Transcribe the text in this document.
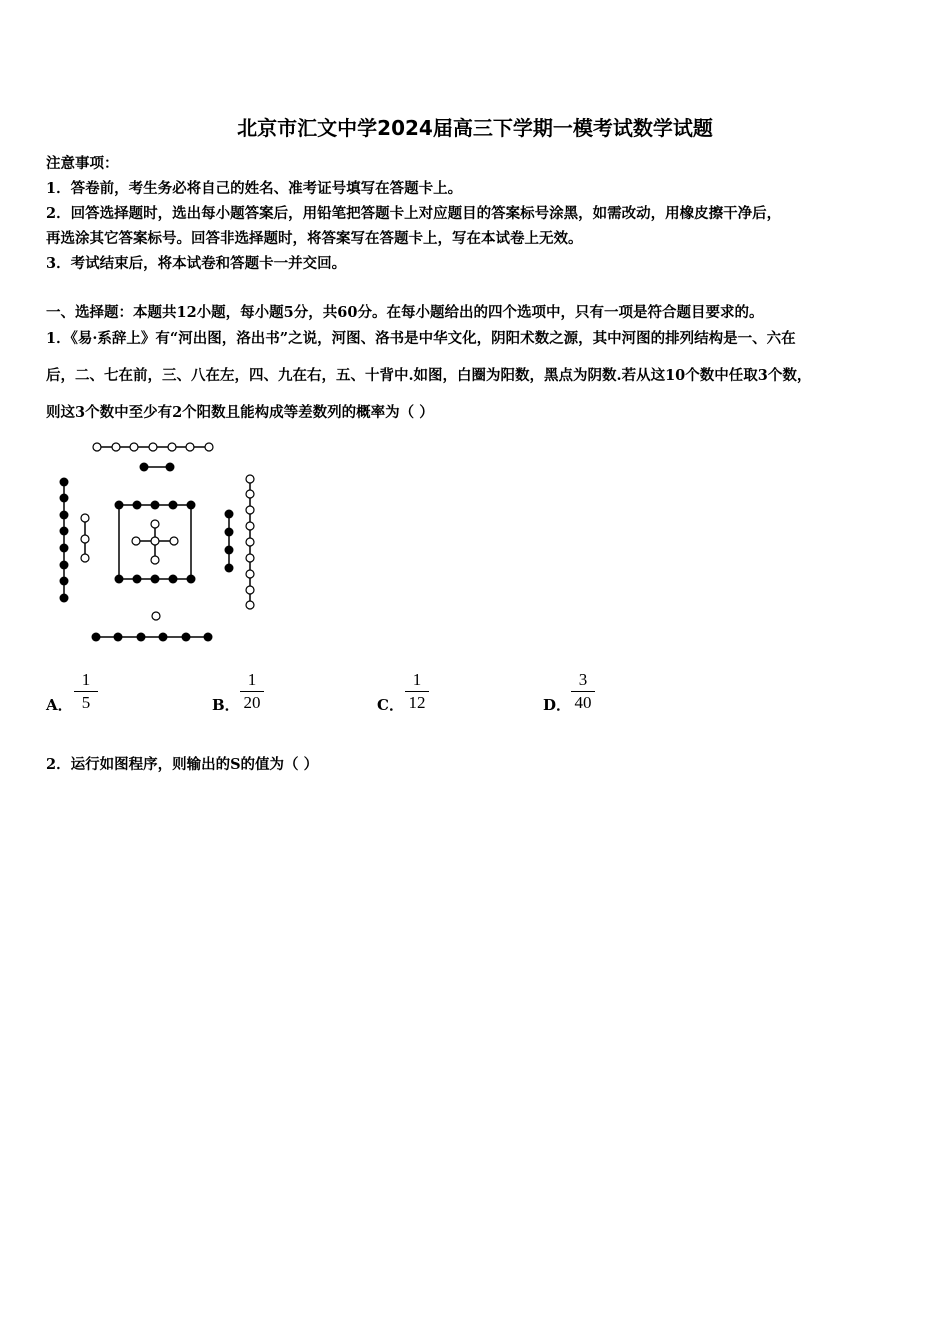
北京市汇文中学2024届高三下学期一模考试数学试题
注意事项：
1．答卷前，考生务必将自己的姓名、准考证号填写在答题卡上。
2．回答选择题时，选出每小题答案后，用铅笔把答题卡上对应题目的答案标号涂黑，如需改动，用橡皮擦干净后，
再选涂其它答案标号。回答非选择题时，将答案写在答题卡上，写在本试卷上无效。
3．考试结束后，将本试卷和答题卡一并交回。
一、选择题：本题共12小题，每小题5分，共60分。在每小题给出的四个选项中，只有一项是符合题目要求的。
1．《易·系辞上》有“河出图，洛出书”之说，河图、洛书是中华文化，阴阳术数之源，其中河图的排列结构是一、六在
后，二、七在前，三、八在左，四、九在右，五、十背中.如图，白圈为阳数，黑点为阴数.若从这10个数中任取3个数，
则这3个数中至少有2个阳数且能构成等差数列的概率为（ ）
A．
1
5	B．
1
20	C．
1
12	D．
3
40
2．运行如图程序，则输出的S的值为（ ）
